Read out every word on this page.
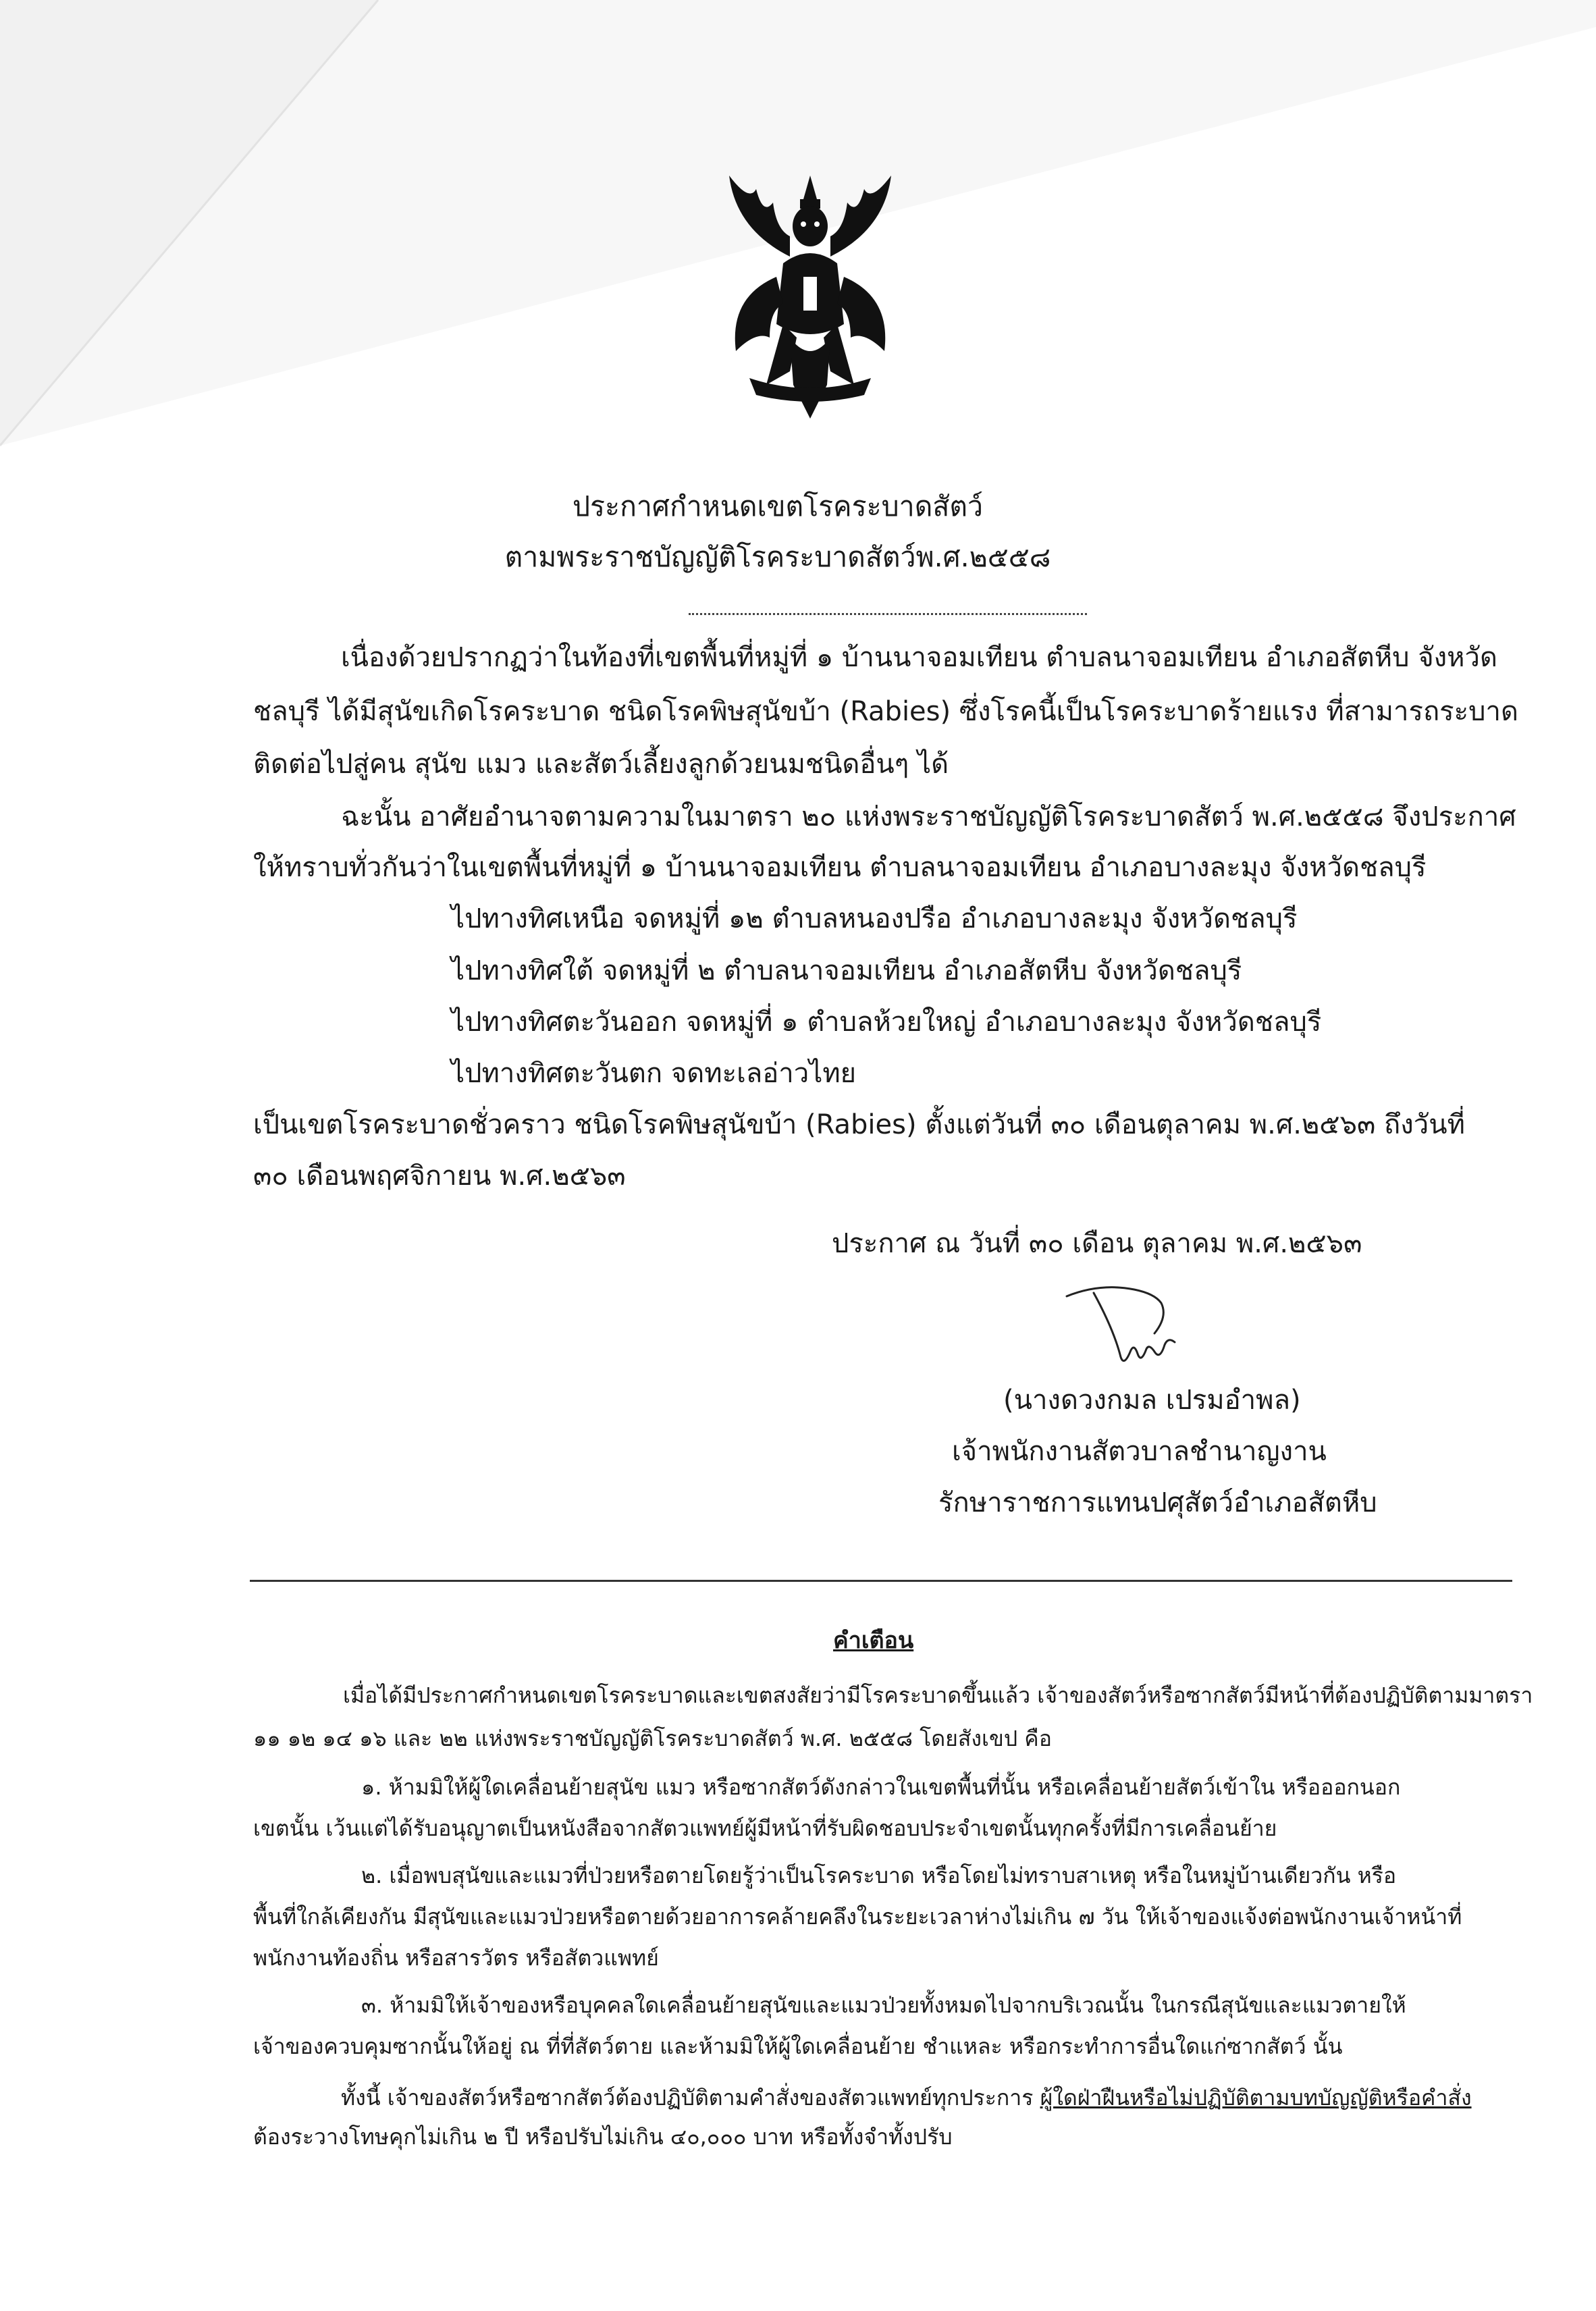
ประกาศกำหนดเขตโรคระบาดสัตว์
ตามพระราชบัญญัติโรคระบาดสัตว์พ.ศ.๒๕๕๘
เนื่องด้วยปรากฏว่าในท้องที่เขตพื้นที่หมู่ที่ ๑ บ้านนาจอมเทียน ตำบลนาจอมเทียน อำเภอสัตหีบ จังหวัด
ชลบุรี ได้มีสุนัขเกิดโรคระบาด ชนิดโรคพิษสุนัขบ้า (Rabies) ซึ่งโรคนี้เป็นโรคระบาดร้ายแรง ที่สามารถระบาด
ติดต่อไปสู่คน สุนัข แมว และสัตว์เลี้ยงลูกด้วยนมชนิดอื่นๆ ได้
ฉะนั้น อาศัยอำนาจตามความในมาตรา ๒๐ แห่งพระราชบัญญัติโรคระบาดสัตว์ พ.ศ.๒๕๕๘ จึงประกาศ
ให้ทราบทั่วกันว่าในเขตพื้นที่หมู่ที่ ๑ บ้านนาจอมเทียน ตำบลนาจอมเทียน อำเภอบางละมุง จังหวัดชลบุรี
ไปทางทิศเหนือ จดหมู่ที่ ๑๒ ตำบลหนองปรือ อำเภอบางละมุง จังหวัดชลบุรี
ไปทางทิศใต้ จดหมู่ที่ ๒ ตำบลนาจอมเทียน อำเภอสัตหีบ จังหวัดชลบุรี
ไปทางทิศตะวันออก จดหมู่ที่ ๑ ตำบลห้วยใหญ่ อำเภอบางละมุง จังหวัดชลบุรี
ไปทางทิศตะวันตก จดทะเลอ่าวไทย
เป็นเขตโรคระบาดชั่วคราว ชนิดโรคพิษสุนัขบ้า (Rabies) ตั้งแต่วันที่ ๓๐ เดือนตุลาคม พ.ศ.๒๕๖๓ ถึงวันที่
๓๐ เดือนพฤศจิกายน พ.ศ.๒๕๖๓
ประกาศ ณ วันที่ ๓๐ เดือน ตุลาคม พ.ศ.๒๕๖๓
(นางดวงกมล เปรมอำพล)
เจ้าพนักงานสัตวบาลชำนาญงาน
รักษาราชการแทนปศุสัตว์อำเภอสัตหีบ
คำเตือน
เมื่อได้มีประกาศกำหนดเขตโรคระบาดและเขตสงสัยว่ามีโรคระบาดขึ้นแล้ว เจ้าของสัตว์หรือซากสัตว์มีหน้าที่ต้องปฏิบัติตามมาตรา
๑๑ ๑๒ ๑๔ ๑๖ และ ๒๒ แห่งพระราชบัญญัติโรคระบาดสัตว์ พ.ศ. ๒๕๕๘ โดยสังเขป คือ
๑. ห้ามมิให้ผู้ใดเคลื่อนย้ายสุนัข แมว หรือซากสัตว์ดังกล่าวในเขตพื้นที่นั้น หรือเคลื่อนย้ายสัตว์เข้าใน หรือออกนอก
เขตนั้น เว้นแต่ได้รับอนุญาตเป็นหนังสือจากสัตวแพทย์ผู้มีหน้าที่รับผิดชอบประจำเขตนั้นทุกครั้งที่มีการเคลื่อนย้าย
๒. เมื่อพบสุนัขและแมวที่ป่วยหรือตายโดยรู้ว่าเป็นโรคระบาด หรือโดยไม่ทราบสาเหตุ หรือในหมู่บ้านเดียวกัน หรือ
พื้นที่ใกล้เคียงกัน มีสุนัขและแมวป่วยหรือตายด้วยอาการคล้ายคลึงในระยะเวลาห่างไม่เกิน ๗ วัน ให้เจ้าของแจ้งต่อพนักงานเจ้าหน้าที่
พนักงานท้องถิ่น หรือสารวัตร หรือสัตวแพทย์
๓. ห้ามมิให้เจ้าของหรือบุคคลใดเคลื่อนย้ายสุนัขและแมวป่วยทั้งหมดไปจากบริเวณนั้น ในกรณีสุนัขและแมวตายให้
เจ้าของควบคุมซากนั้นให้อยู่ ณ ที่ที่สัตว์ตาย และห้ามมิให้ผู้ใดเคลื่อนย้าย ชำแหละ หรือกระทำการอื่นใดแก่ซากสัตว์ นั้น
ทั้งนี้ เจ้าของสัตว์หรือซากสัตว์ต้องปฏิบัติตามคำสั่งของสัตวแพทย์ทุกประการ ผู้ใดฝ่าฝืนหรือไม่ปฏิบัติตามบทบัญญัติหรือคำสั่ง
ต้องระวางโทษคุกไม่เกิน ๒ ปี หรือปรับไม่เกิน ๔๐,๐๐๐ บาท หรือทั้งจำทั้งปรับ
